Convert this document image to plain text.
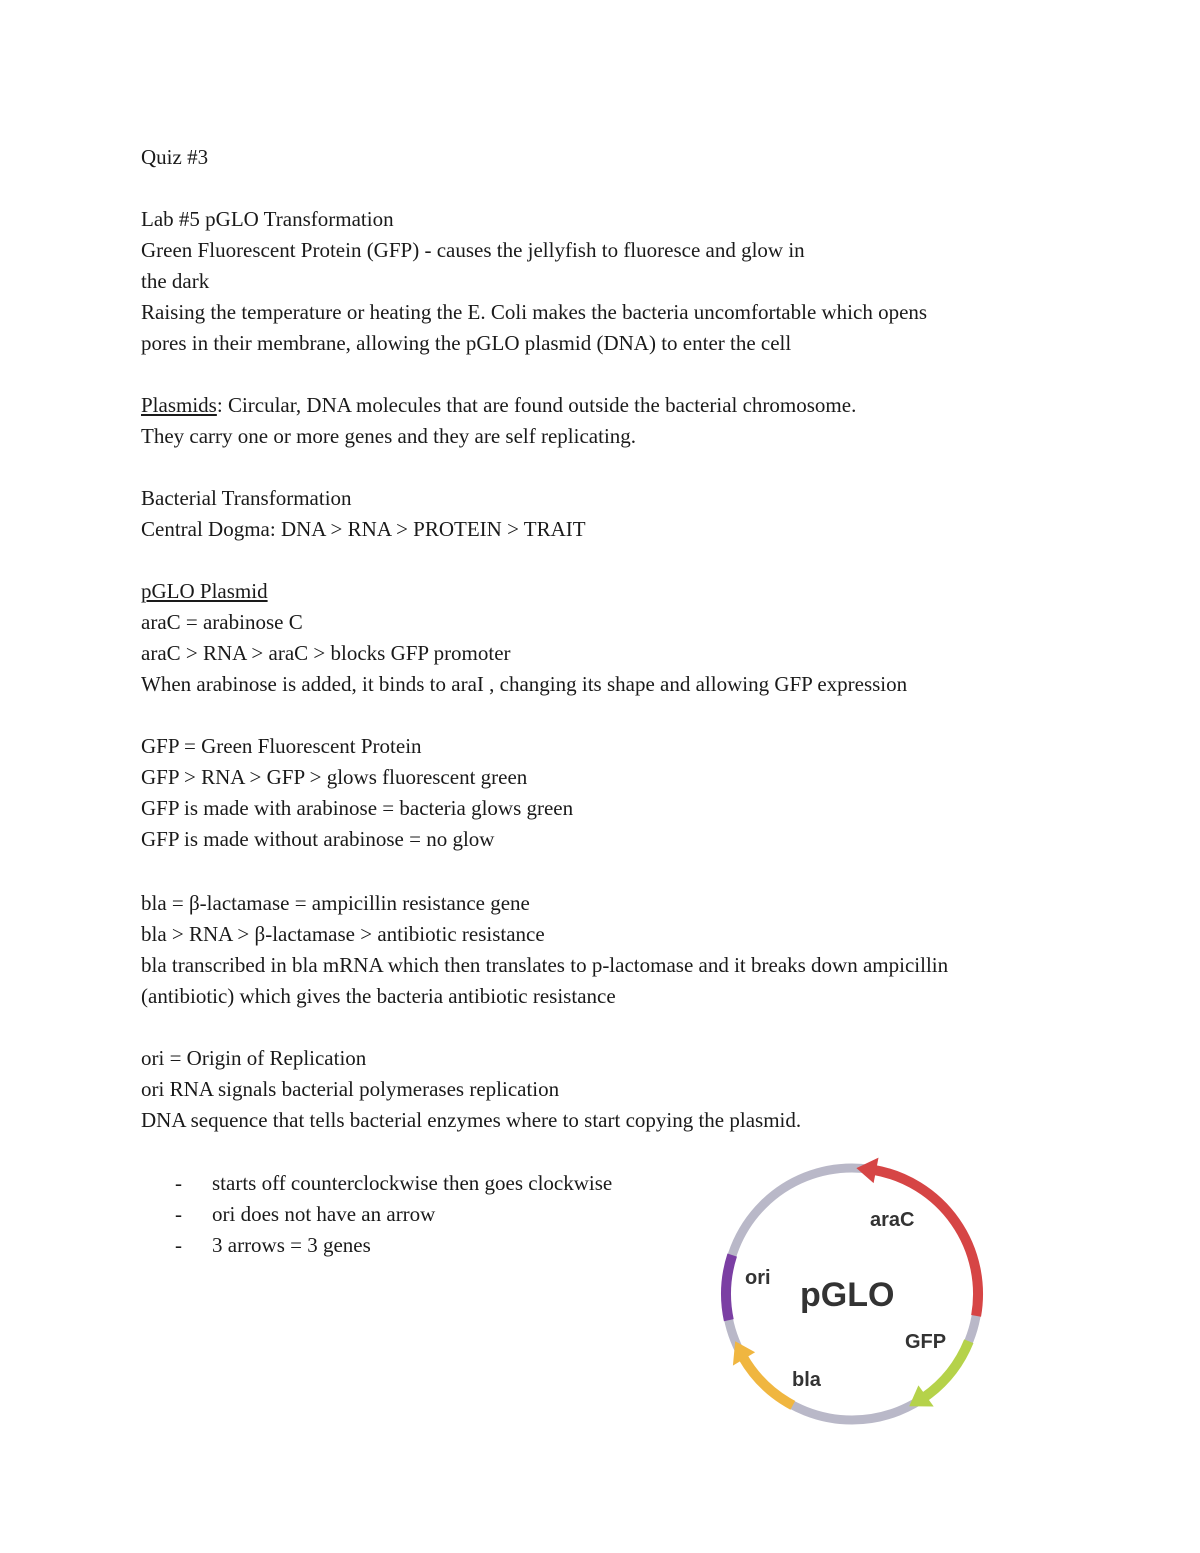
Quiz #3
Lab #5 pGLO Transformation
Green Fluorescent Protein (GFP) - causes the jellyfish to fluoresce and glow in
the dark
Raising the temperature or heating the E. Coli makes the bacteria uncomfortable which opens
pores in their membrane, allowing the pGLO plasmid (DNA) to enter the cell
Plasmids: Circular, DNA molecules that are found outside the bacterial chromosome.
They carry one or more genes and they are self replicating.
Bacterial Transformation
Central Dogma: DNA > RNA > PROTEIN > TRAIT
pGLO Plasmid
araC = arabinose C
araC > RNA > araC > blocks GFP promoter
When arabinose is added, it binds to araI , changing its shape and allowing GFP expression
GFP = Green Fluorescent Protein
GFP > RNA > GFP > glows fluorescent green
GFP is made with arabinose = bacteria glows green
GFP is made without arabinose = no glow
bla = β-lactamase = ampicillin resistance gene
bla > RNA > β-lactamase > antibiotic resistance
bla transcribed in bla mRNA which then translates to p-lactomase and it breaks down ampicillin
(antibiotic) which gives the bacteria antibiotic resistance
ori = Origin of Replication
ori RNA signals bacterial polymerases replication
DNA sequence that tells bacterial enzymes where to start copying the plasmid.
- starts off counterclockwise then goes clockwise
- ori does not have an arrow
- 3 arrows = 3 genes
pGLO
araC
GFP
bla
ori
